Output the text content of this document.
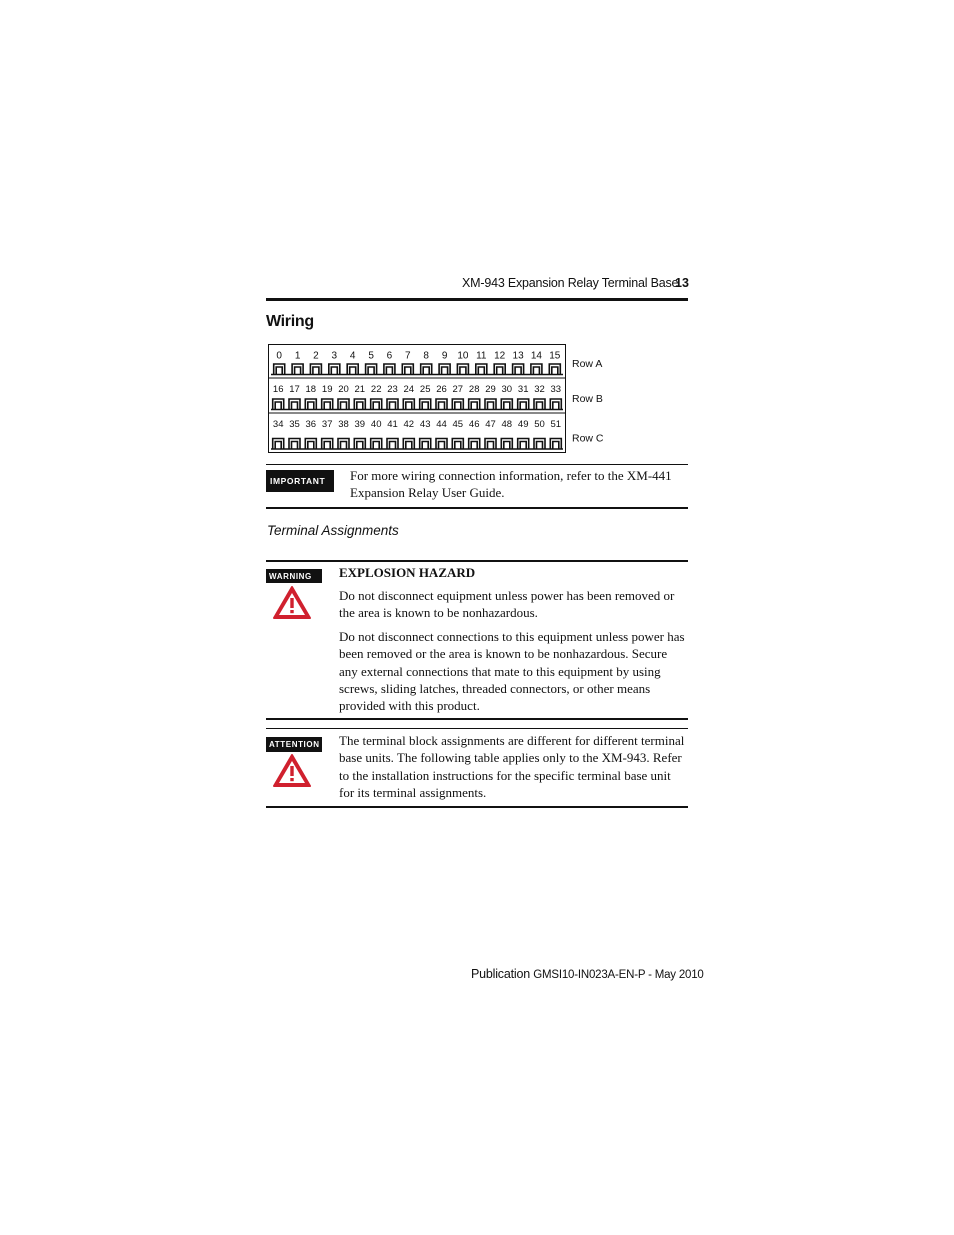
XM-943 Expansion Relay Terminal Base
13
Wiring
0 1 2 3 4 5 6 7 8 9 10 11 12 13 14 15
Row A
16 17 18 19 20 21 22 23 24 25 26 27 28 29 30 31 32 33
Row B
34 35 36 37 38 39 40 41 42 43 44 45 46 47 48 49 50 51
Row C
IMPORTANT	For more wiring connection information, refer to the XM-441 Expansion Relay User Guide.
Terminal Assignments
WARNING	EXPLOSION HAZARD
Do not disconnect equipment unless power has been removed or the area is known to be nonhazardous.
Do not disconnect connections to this equipment unless power has been removed or the area is known to be nonhazardous. Secure any external connections that mate to this equipment by using screws, sliding latches, threaded connectors, or other means provided with this product.
ATTENTION The terminal block assignments are different for different terminal base units. The following table applies only to the XM-943. Refer to the installation instructions for the specific terminal base unit for its terminal assignments.
Publication GMSI10-IN023A-EN-P - May 2010
